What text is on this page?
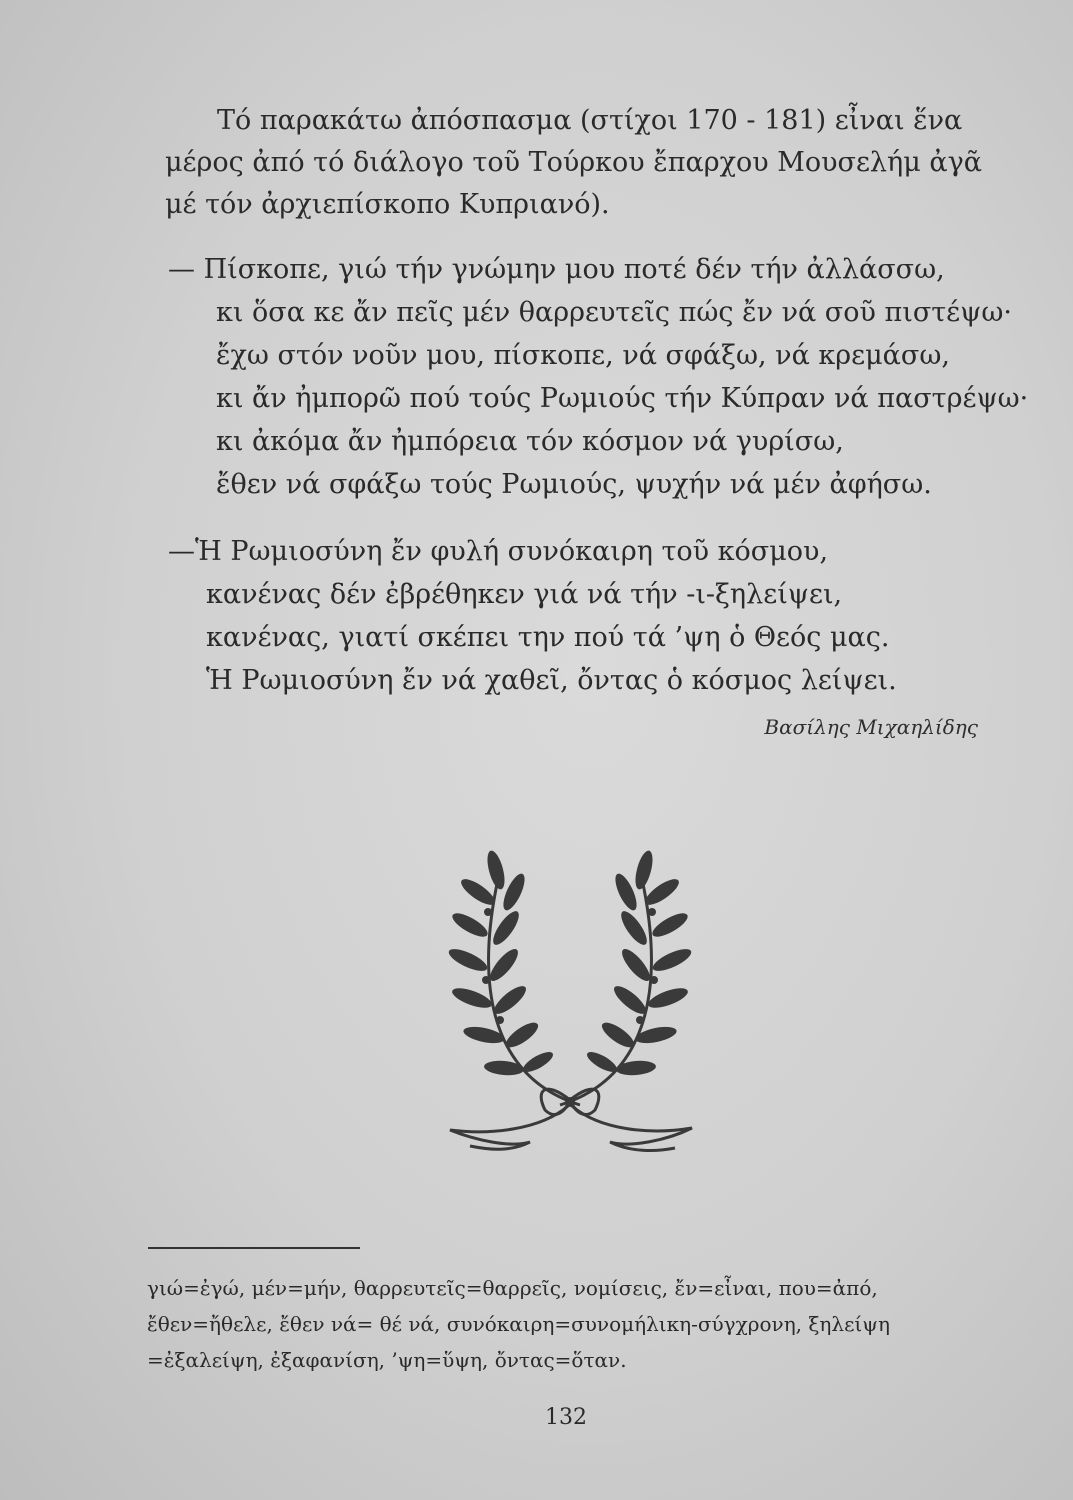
Τό παρακάτω ἀπόσπασμα (στίχοι 170 - 181) εἶναι ἕνα
μέρος ἀπό τό διάλογο τοῦ Τούρκου ἔπαρχου Μουσελήμ ἀγᾶ
μέ τόν ἀρχιεπίσκοπο Κυπριανό).
— Πίσκοπε, γιώ τήν γνώμην μου ποτέ δέν τήν ἀλλάσσω,
κι ὅσα κε ἄν πεῖς μέν θαρρευτεῖς πώς ἔν νά σοῦ πιστέψω·
ἔχω στόν νοῦν μου, πίσκοπε, νά σφάξω, νά κρεμάσω,
κι ἄν ἠμπορῶ πού τούς Ρωμιούς τήν Κύπραν νά παστρέψω·
κι ἀκόμα ἄν ἠμπόρεια τόν κόσμον νά γυρίσω,
ἔθεν νά σφάξω τούς Ρωμιούς, ψυχήν νά μέν ἀφήσω.
—Ἡ Ρωμιοσύνη ἔν φυλή συνόκαιρη τοῦ κόσμου,
κανένας δέν ἐβρέθηκεν γιά νά τήν -ι-ξηλείψει,
κανένας, γιατί σκέπει την πού τά ’ψη ὁ Θεός μας.
Ἡ Ρωμιοσύνη ἔν νά χαθεῖ, ὄντας ὁ κόσμος λείψει.
Βασίλης Μιχαηλίδης
γιώ=ἐγώ, μέν=μήν, θαρρευτεῖς=θαρρεῖς, νομίσεις, ἔν=εἶναι, που=ἀπό,
ἔθεν=ἤθελε, ἔθεν νά= θέ νά, συνόκαιρη=συνομήλικη-σύγχρονη, ξηλείψη
=ἐξαλείψη, ἐξαφανίση, ’ψη=ὕψη, ὄντας=ὅταν.
132
